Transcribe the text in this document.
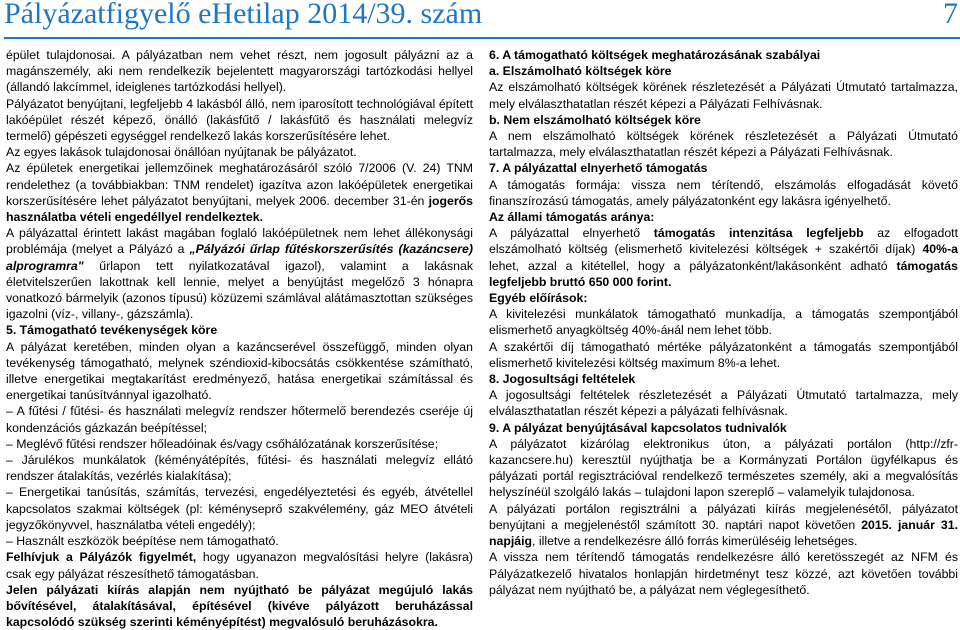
Pályázatfigyelő eHetilap 2014/39. szám	7

épület tulajdonosai. A pályázatban nem vehet részt, nem jogosult pályázni az a magánszemély, aki nem rendelkezik bejelentett magyarországi tartózkodási hellyel (állandó lakcímmel, ideiglenes tartózkodási hellyel).

Pályázatot benyújtani, legfeljebb 4 lakásból álló, nem iparosított technológiával épített lakóépület részét képező, önálló (lakásfűtő / lakásfűtő és használati melegvíz termelő) gépészeti egységgel rendelkező lakás korszerűsítésére lehet.

Az egyes lakások tulajdonosai önállóan nyújtanak be pályázatot.

Az épületek energetikai jellemzőinek meghatározásáról szóló 7/2006 (V. 24) TNM rendelethez (a továbbiakban: TNM rendelet) igazítva azon lakóépületek energetikai korszerűsítésére lehet pályázatot benyújtani, melyek 2006. december 31-én jogerős használatba vételi engedéllyel rendelkeztek.

A pályázattal érintett lakást magában foglaló lakóépületnek nem lehet állékonysági problémája (melyet a Pályázó a „Pályázói űrlap fűtéskorszerűsítés (kazáncsere) alprogramra" űrlapon tett nyilatkozatával igazol), valamint a lakásnak életvitelszerűen lakottnak kell lennie, melyet a benyújtást megelőző 3 hónapra vonatkozó bármelyik (azonos típusú) közüzemi számlával alátámasztottan szükséges igazolni (víz-, villany-, gázszámla).

5. Támogatható tevékenységek köre

A pályázat keretében, minden olyan a kazáncserével összefüggő, minden olyan tevékenység támogatható, melynek széndioxid-kibocsátás csökkentése számítható, illetve energetikai megtakarítást eredményező, hatása energetikai számítással és energetikai tanúsítvánnyal igazolható.

– A fűtési / fűtési- és használati melegvíz rendszer hőtermelő berendezés cseréje új kondenzációs gázkazán beépítéssel;

– Meglévő fűtési rendszer hőleadóinak és/vagy csőhálózatának korszerűsítése;

– Járulékos munkálatok (kéményátépítés, fűtési- és használati melegvíz ellátó rendszer átalakítás, vezérlés kialakítása);

– Energetikai tanúsítás, számítás, tervezési, engedélyeztetési és egyéb, átvétellel kapcsolatos szakmai költségek (pl: kéményseprő szakvélemény, gáz MEO átvételi jegyzőkönyvvel, használatba vételi engedély);

– Használt eszközök beépítése nem támogatható.

Felhívjuk a Pályázók figyelmét, hogy ugyanazon megvalósítási helyre (lakásra) csak egy pályázat részesíthető támogatásban.

Jelen pályázati kiírás alapján nem nyújtható be pályázat megújuló lakás bővítésével, átalakításával, építésével (kivéve pályázott beruházással kapcsolódó szükség szerinti kéményépítést) megvalósuló beruházásokra.

6. A támogatható költségek meghatározásának szabályai

a. Elszámolható költségek köre

Az elszámolható költségek körének részletezését a Pályázati Útmutató tartalmazza, mely elválaszthatatlan részét képezi a Pályázati Felhívásnak.

b. Nem elszámolható költségek köre

A nem elszámolható költségek körének részletezését a Pályázati Útmutató tartalmazza, mely elválaszthatatlan részét képezi a Pályázati Felhívásnak.

7. A pályázattal elnyerhető támogatás

A támogatás formája: vissza nem térítendő, elszámolás elfogadását követő finanszírozású támogatás, amely pályázatonként egy lakásra igényelhető.

Az állami támogatás aránya:

A pályázattal elnyerhető támogatás intenzitása legfeljebb az elfogadott elszámolható költség (elismerhető kivitelezési költségek + szakértői díjak) 40%-a lehet, azzal a kitétellel, hogy a pályázatonként/lakásonként adható támogatás legfeljebb bruttó 650 000 forint.

Egyéb előírások:

A kivitelezési munkálatok támogatható munkadíja, a támogatás szempontjából elismerhető anyagköltség 40%-áнál nem lehet több.

A szakértői díj támogatható mértéke pályázatonként a támogatás szempontjából elismerhető kivitelezési költség maximum 8%-a lehet.

8. Jogosultsági feltételek

A jogosultsági feltételek részletezését a Pályázati Útmutató tartalmazza, mely elválaszthatatlan részét képezi a pályázati felhívásnak.

9. A pályázat benyújtásával kapcsolatos tudnivalók

A pályázatot kizárólag elektronikus úton, a pályázati portálon (http://zfr-kazancsere.hu) keresztül nyújthatja be a Kormányzati Portálon ügyfélkapus és pályázati portál regisztrációval rendelkező természetes személy, aki a megvalósítás helyszínéül szolgáló lakás – tulajdoni lapon szereplő – valamelyik tulajdonosa.

A pályázati portálon regisztrálni a pályázati kiírás megjelenésétől, pályázatot benyújtani a megjelenéstől számított 30. naptári napot követően 2015. január 31. napjáig, illetve a rendelkezésre álló forrás kimerüléséig lehetséges.

A vissza nem térítendő támogatás rendelkezésre álló keretösszegét az NFM és Pályázatkezelő hivatalos honlapján hirdetményt tesz közzé, azt követően további pályázat nem nyújtható be, a pályázat nem véglegesíthető.
